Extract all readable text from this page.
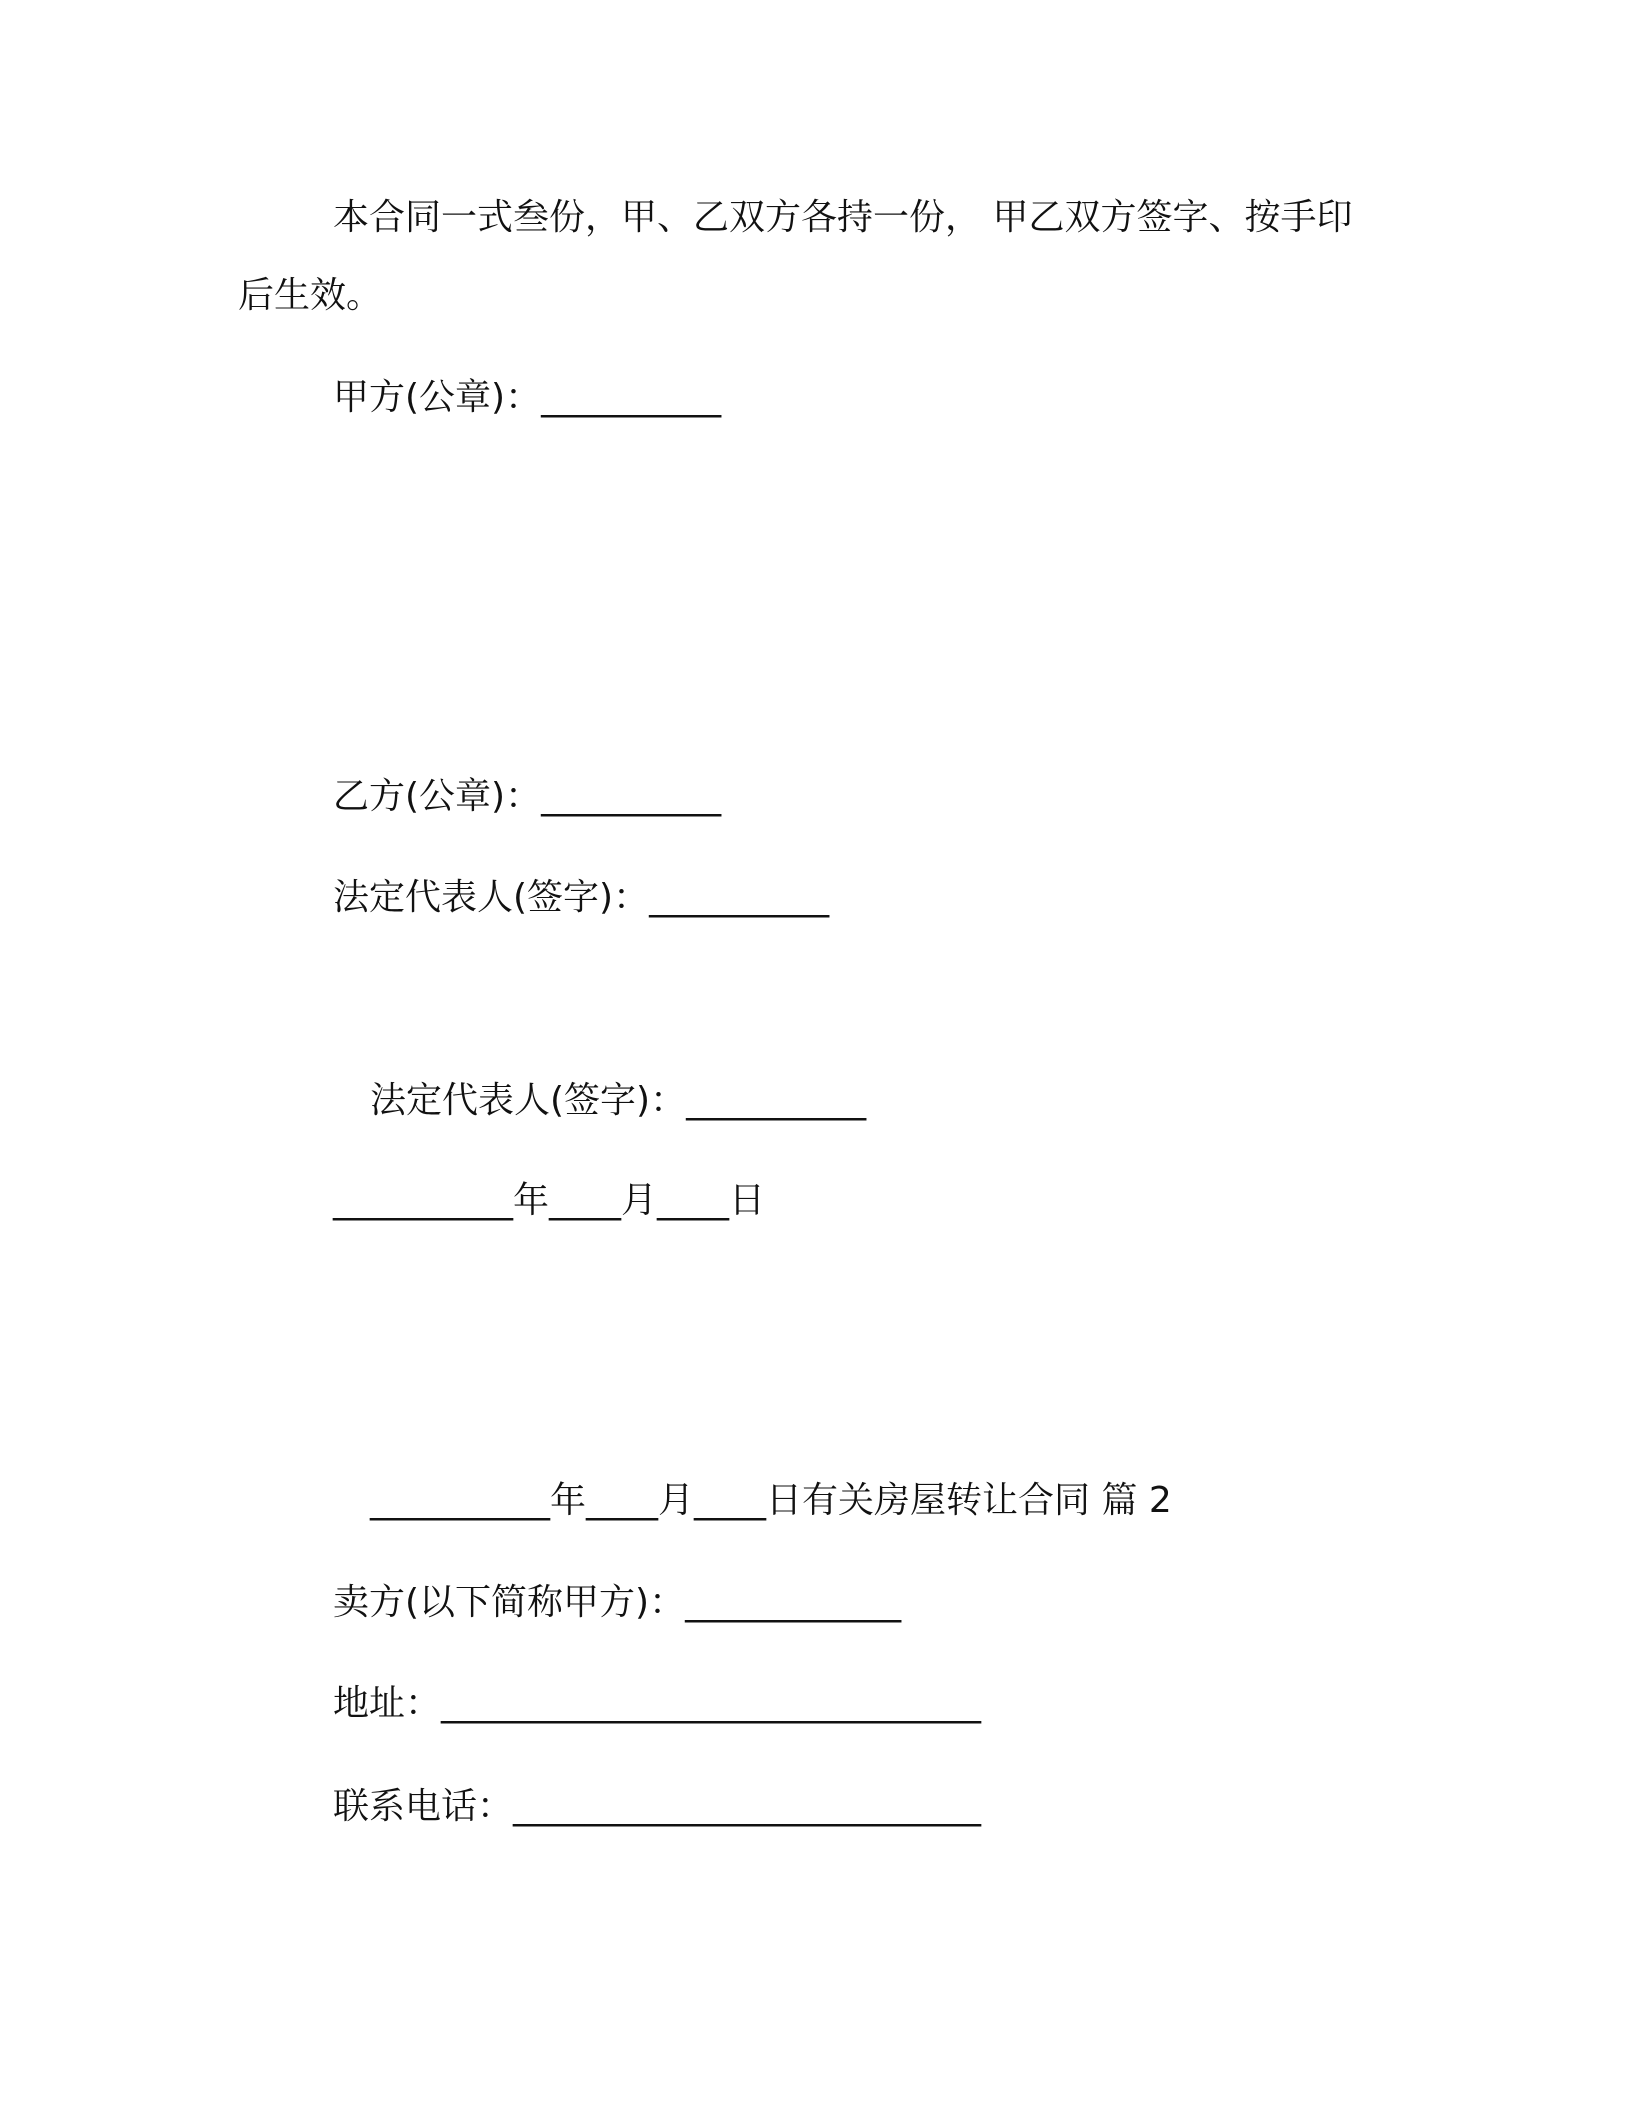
本合同一式叁份，甲、乙双方各持一份， 甲乙双方签字、按手印
后生效。
甲方(公章)：__________
乙方(公章)：__________
法定代表人(签字)：__________
法定代表人(签字)：__________
__________年____月____日
__________年____月____日有关房屋转让合同 篇 2
卖方(以下简称甲方)：____________
地址：______________________________
联系电话：__________________________
